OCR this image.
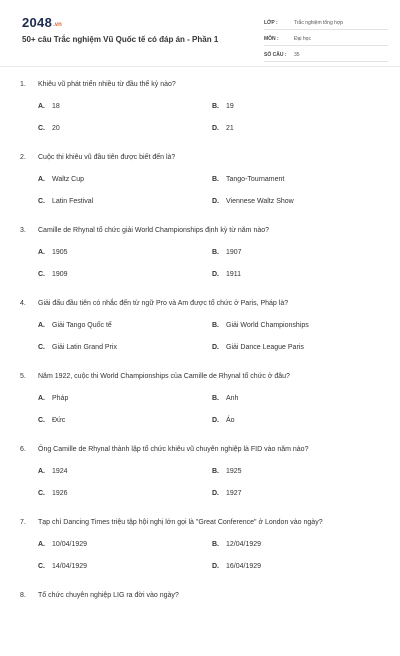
2048.vn
50+ câu Trắc nghiệm Vũ Quốc tế có đáp án - Phần 1
LỚP :	Trắc nghiệm tổng hợp
MÔN :	Đại học
SỐ CÂU :	35
1. Khiêu vũ phát triển nhiều từ đầu thế kỷ nào?
A. 18	B. 19
C. 20	D. 21
2. Cuộc thi khiêu vũ đầu tiên được biết đến là?
A. Waltz Cup	B. Tango-Tournament
C. Latin Festival	D. Viennese Waltz Show
3. Camille de Rhynal tổ chức giải World Championships định kỳ từ năm nào?
A. 1905	B. 1907
C. 1909	D. 1911
4. Giải đấu đầu tiên có nhắc đến từ ngữ Pro và Am được tổ chức ở Paris, Pháp là?
A. Giải Tango Quốc tế	B. Giải World Championships
C. Giải Latin Grand Prix	D. Giải Dance League Paris
5. Năm 1922, cuộc thi World Championships của Camille de Rhynal tổ chức ở đâu?
A. Pháp	B. Anh
C. Đức	D. Áo
6. Ông Camille de Rhynal thành lập tổ chức khiêu vũ chuyên nghiệp là FID vào năm nào?
A. 1924	B. 1925
C. 1926	D. 1927
7. Tạp chí Dancing Times triệu tập hội nghị lớn gọi là "Great Conference" ở London vào ngày?
A. 10/04/1929	B. 12/04/1929
C. 14/04/1929	D. 16/04/1929
8. Tổ chức chuyên nghiệp LIG ra đời vào ngày?
